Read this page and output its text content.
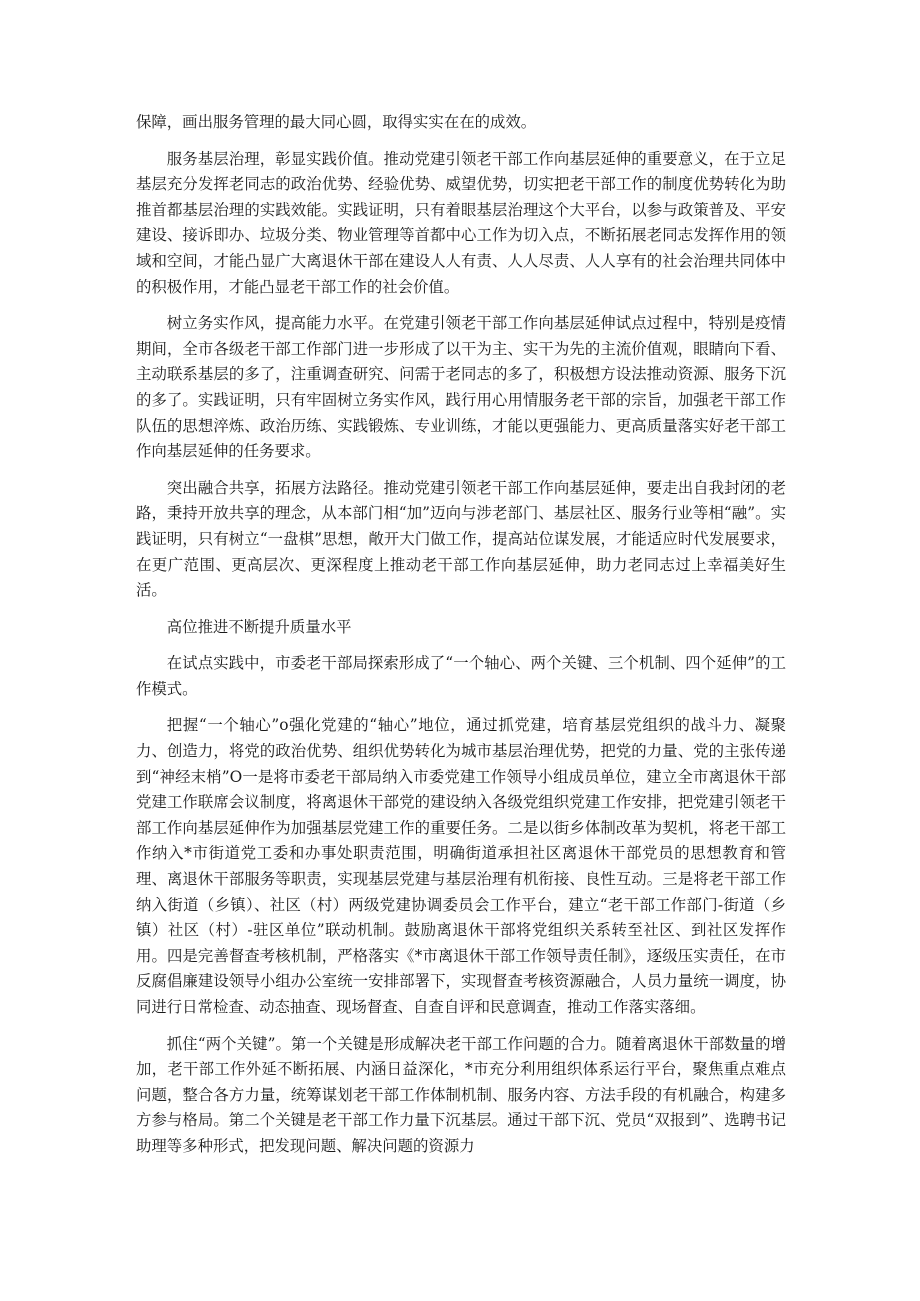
保障，画出服务管理的最大同心圆，取得实实在在的成效。

服务基层治理，彰显实践价值。推动党建引领老干部工作向基层延伸的重要意义，在于立足基层充分发挥老同志的政治优势、经验优势、威望优势，切实把老干部工作的制度优势转化为助推首都基层治理的实践效能。实践证明，只有着眼基层治理这个大平台，以参与政策普及、平安建设、接诉即办、垃圾分类、物业管理等首都中心工作为切入点，不断拓展老同志发挥作用的领域和空间，才能凸显广大离退休干部在建设人人有责、人人尽责、人人享有的社会治理共同体中的积极作用，才能凸显老干部工作的社会价值。

树立务实作风，提高能力水平。在党建引领老干部工作向基层延伸试点过程中，特别是疫情期间，全市各级老干部工作部门进一步形成了以干为主、实干为先的主流价值观，眼睛向下看、主动联系基层的多了，注重调查研究、问需于老同志的多了，积极想方设法推动资源、服务下沉的多了。实践证明，只有牢固树立务实作风，践行用心用情服务老干部的宗旨，加强老干部工作队伍的思想淬炼、政治历练、实践锻炼、专业训练，才能以更强能力、更高质量落实好老干部工作向基层延伸的任务要求。

突出融合共享，拓展方法路径。推动党建引领老干部工作向基层延伸，要走出自我封闭的老路，秉持开放共享的理念，从本部门相“加”迈向与涉老部门、基层社区、服务行业等相“融”。实践证明，只有树立“一盘棋”思想，敞开大门做工作，提高站位谋发展，才能适应时代发展要求，在更广范围、更高层次、更深程度上推动老干部工作向基层延伸，助力老同志过上幸福美好生活。

高位推进不断提升质量水平

在试点实践中，市委老干部局探索形成了“一个轴心、两个关键、三个机制、四个延伸”的工作模式。

把握“一个轴心”o强化党建的“轴心”地位，通过抓党建，培育基层党组织的战斗力、凝聚力、创造力，将党的政治优势、组织优势转化为城市基层治理优势，把党的力量、党的主张传递到“神经末梢”O一是将市委老干部局纳入市委党建工作领导小组成员单位，建立全市离退休干部党建工作联席会议制度，将离退休干部党的建设纳入各级党组织党建工作安排，把党建引领老干部工作向基层延伸作为加强基层党建工作的重要任务。二是以街乡体制改革为契机，将老干部工作纳入*市街道党工委和办事处职责范围，明确街道承担社区离退休干部党员的思想教育和管理、离退休干部服务等职责，实现基层党建与基层治理有机衔接、良性互动。三是将老干部工作纳入街道（乡镇）、社区（村）两级党建协调委员会工作平台，建立“老干部工作部门-街道（乡镇）社区（村）-驻区单位”联动机制。鼓励离退休干部将党组织关系转至社区、到社区发挥作用。四是完善督查考核机制，严格落实《*市离退休干部工作领导责任制》，逐级压实责任，在市反腐倡廉建设领导小组办公室统一安排部署下，实现督查考核资源融合，人员力量统一调度，协同进行日常检查、动态抽查、现场督查、自查自评和民意调查，推动工作落实落细。

抓住“两个关键”。第一个关键是形成解决老干部工作问题的合力。随着离退休干部数量的增加，老干部工作外延不断拓展、内涵日益深化，*市充分利用组织体系运行平台，聚焦重点难点问题，整合各方力量，统筹谋划老干部工作体制机制、服务内容、方法手段的有机融合，构建多方参与格局。第二个关键是老干部工作力量下沉基层。通过干部下沉、党员“双报到”、选聘书记助理等多种形式，把发现问题、解决问题的资源力
